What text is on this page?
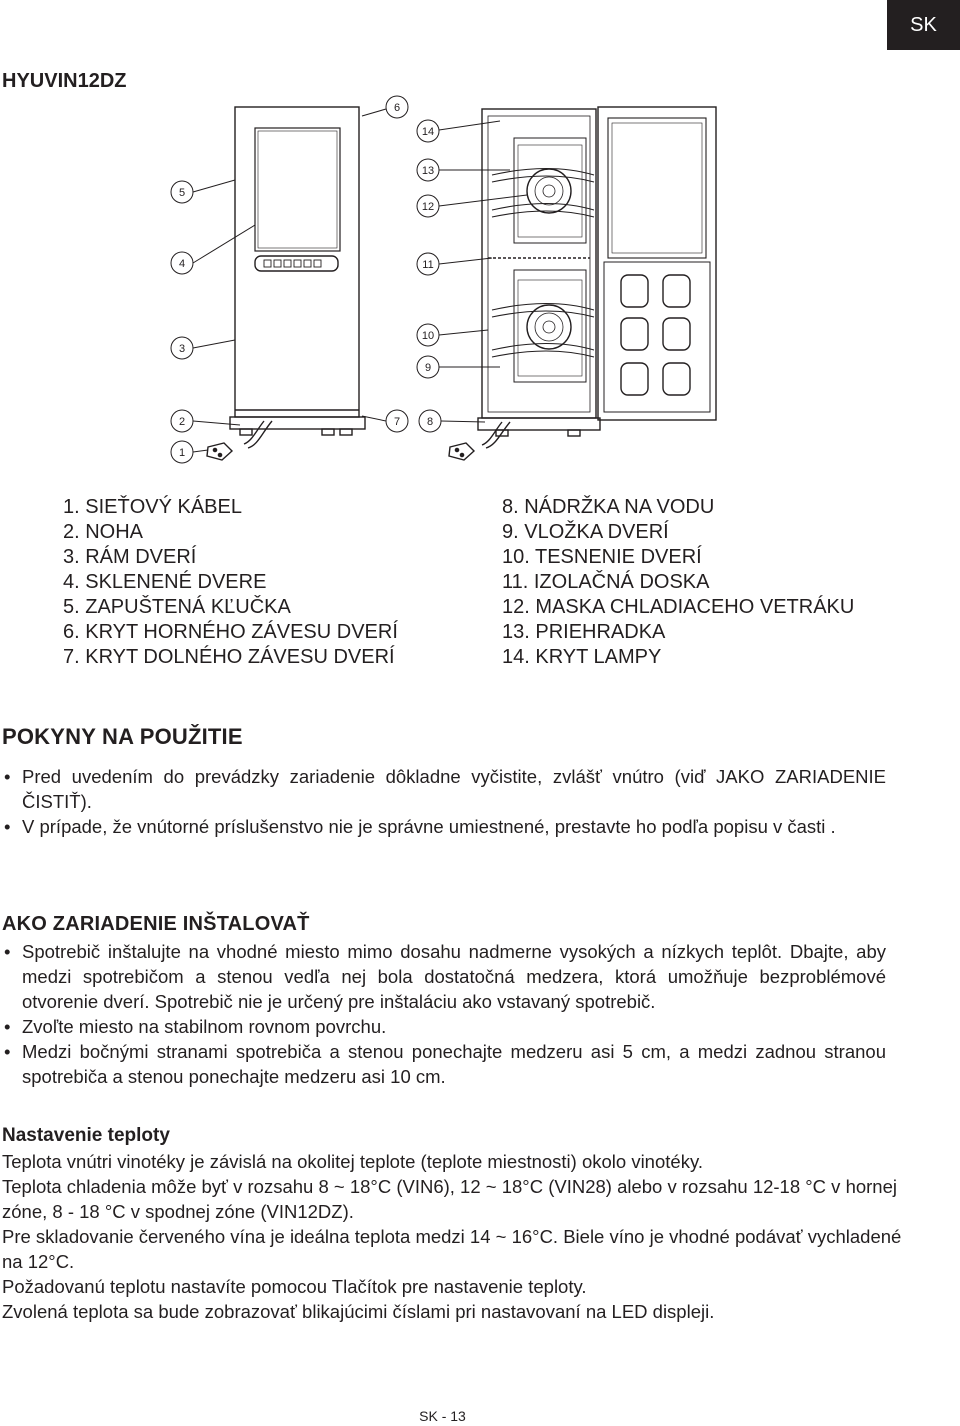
SK
HYUVIN12DZ
6
14
5
13
12
4	11
10
3
9
2	7 8
1
1. SIEŤOVÝ KÁBEL
2. NOHA
3. RÁM DVERÍ
4. SKLENENÉ DVERE
5. ZAPUŠTENÁ KĽUČKA
6. KRYT HORNÉHO ZÁVESU DVERÍ
7. KRYT DOLNÉHO ZÁVESU DVERÍ
8. NÁDRŽKA NA VODU
9. VLOŽKA DVERÍ
10. TESNENIE DVERÍ
11. IZOLAČNÁ DOSKA
12. MASKA CHLADIACEHO VETRÁKU
13. PRIEHRADKA
14. KRYT LAMPY
POKYNY NA POUŽITIE
• Pred uvedením do prevádzky zariadenie dôkladne vyčistite, zvlášť vnútro (viď JAKO ZARIADENIE ČISTIŤ).
• V prípade, že vnútorné príslušenstvo nie je správne umiestnené, prestavte ho podľa popisu v časti .
AKO ZARIADENIE INŠTALOVAŤ
• Spotrebič inštalujte na vhodné miesto mimo dosahu nadmerne vysokých a nízkych teplôt. Dbajte, aby medzi spotrebičom a stenou vedľa nej bola dostatočná medzera, ktorá umožňuje bezproblémové otvorenie dverí. Spotrebič nie je určený pre inštaláciu ako vstavaný spotrebič.
• Zvoľte miesto na stabilnom rovnom povrchu.
• Medzi bočnými stranami spotrebiča a stenou ponechajte medzeru asi 5 cm, a medzi zadnou stranou spotrebiča a stenou ponechajte medzeru asi 10 cm.
Nastavenie teploty
Teplota vnútri vinotéky je závislá na okolitej teplote (teplote miestnosti) okolo vinotéky.
Teplota chladenia môže byť v rozsahu 8 ~ 18°C (VIN6), 12 ~ 18°C (VIN28) alebo v rozsahu 12-18 °C v hornej zóne, 8 - 18 °C v spodnej zóne (VIN12DZ).
Pre skladovanie červeného vína je ideálna teplota medzi 14 ~ 16°C. Biele víno je vhodné podávať vychladené na 12°C.
Požadovanú teplotu nastavíte pomocou Tlačítok pre nastavenie teploty.
Zvolená teplota sa bude zobrazovať blikajúcimi číslami pri nastavovaní na LED displeji.
SK - 13
